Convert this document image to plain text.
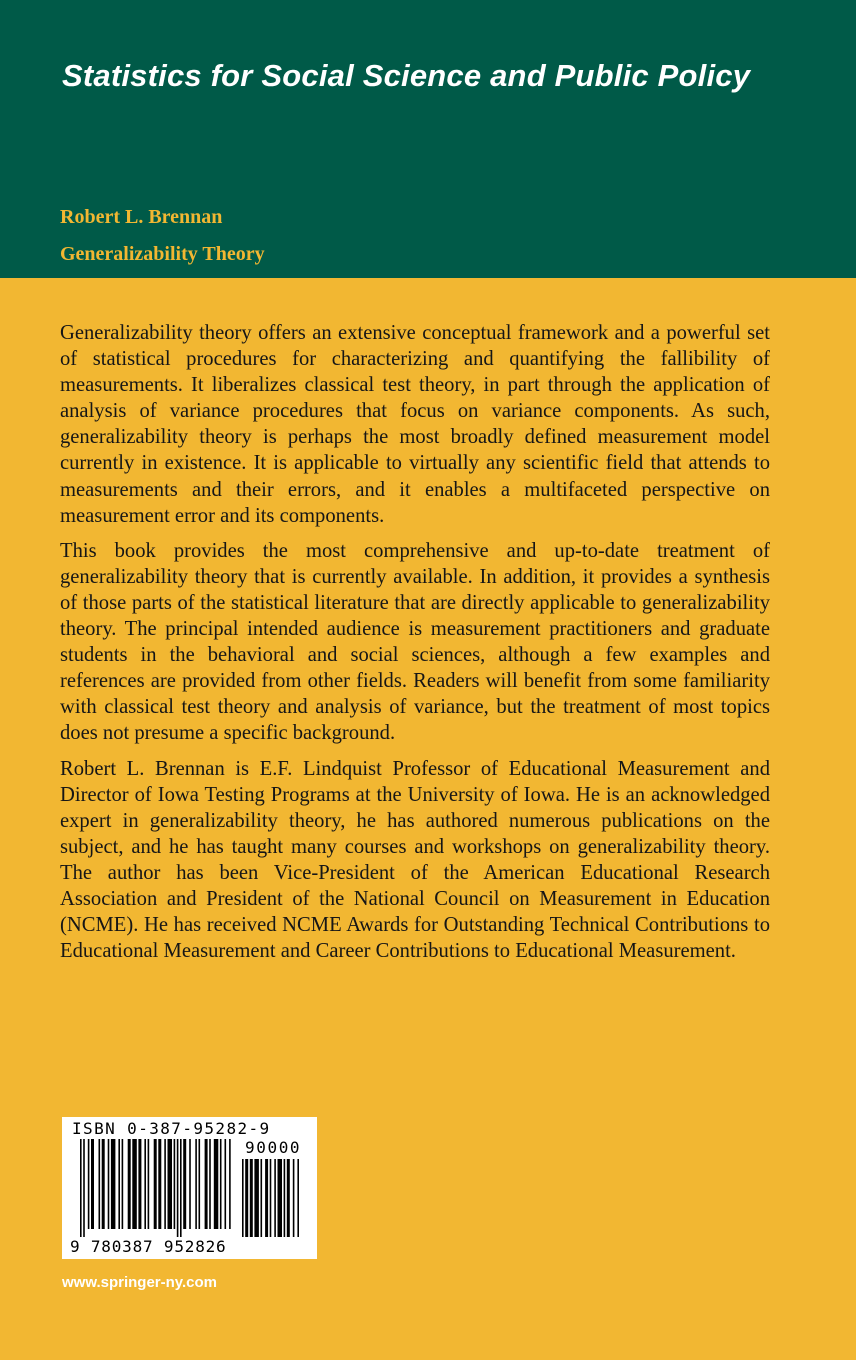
Statistics for Social Science and Public Policy
Robert L. Brennan
Generalizability Theory

Generalizability theory offers an extensive conceptual framework and a powerful set of statistical procedures for characterizing and quantifying the fallibility of measurements. It liberalizes classical test theory, in part through the application of analysis of variance procedures that focus on variance components. As such, generalizability theory is perhaps the most broadly defined measurement model currently in existence. It is applicable to virtually any scientific field that attends to measurements and their errors, and it enables a multifaceted perspective on measurement error and its components.

This book provides the most comprehensive and up-to-date treatment of generalizability theory that is currently available. In addition, it provides a synthesis of those parts of the statistical literature that are directly applicable to generalizability theory. The principal intended audience is measurement practitioners and graduate students in the behavioral and social sciences, although a few examples and references are provided from other fields. Readers will benefit from some familiarity with classical test theory and analysis of variance, but the treatment of most topics does not presume a specific background.

Robert L. Brennan is E.F. Lindquist Professor of Educational Measurement and Director of Iowa Testing Programs at the University of Iowa. He is an acknowledged expert in generalizability theory, he has authored numerous publications on the subject, and he has taught many courses and workshops on generalizability theory. The author has been Vice-President of the American Educational Research Association and President of the National Council on Measurement in Education (NCME). He has received NCME Awards for Outstanding Technical Contributions to Educational Measurement and Career Contributions to Educational Measurement.

ISBN 0-387-95282-9
90000
9 780387 952826
www.springer-ny.com
